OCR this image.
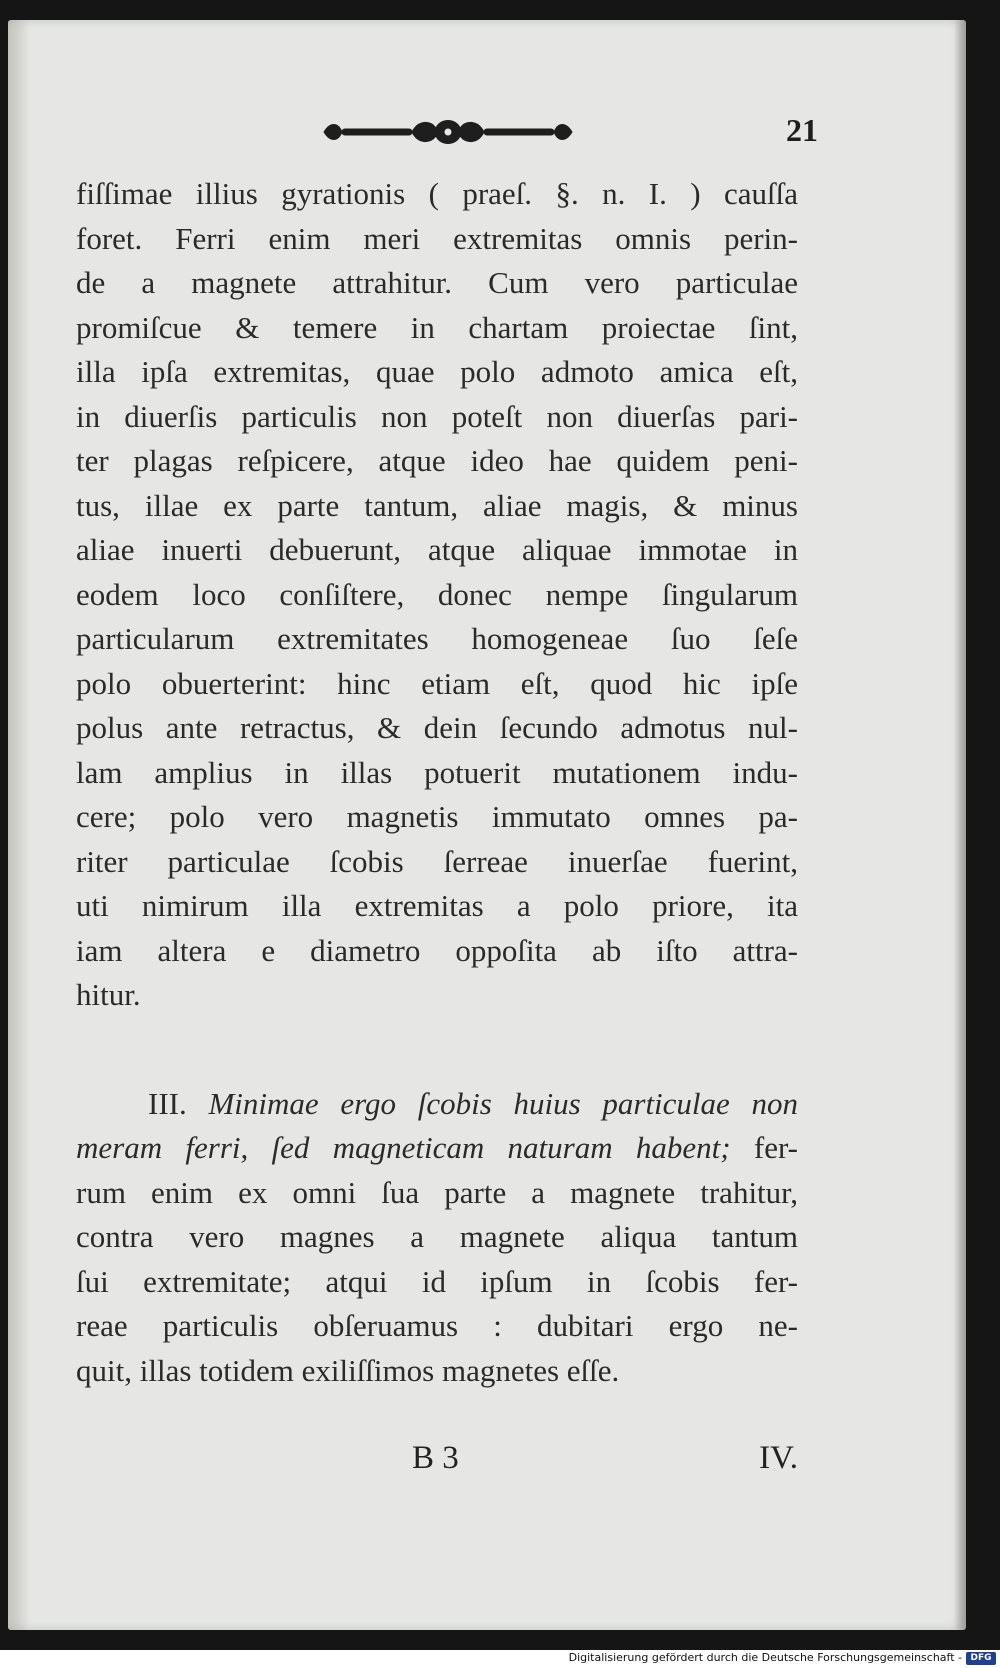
21
fiſſimae illius gyrationis ( praeſ. §. n. I. ) cauſſa
foret. Ferri enim meri extremitas omnis perin-
de a magnete attrahitur. Cum vero particulae
promiſcue & temere in chartam proiectae ſint,
illa ipſa extremitas, quae polo admoto amica eſt,
in diuerſis particulis non poteſt non diuerſas pari-
ter plagas reſpicere, atque ideo hae quidem peni-
tus, illae ex parte tantum, aliae magis, & minus
aliae inuerti debuerunt, atque aliquae immotae in
eodem loco conſiſtere, donec nempe ſingularum
particularum extremitates homogeneae ſuo ſeſe
polo obuerterint: hinc etiam eſt, quod hic ipſe
polus ante retractus, & dein ſecundo admotus nul-
lam amplius in illas potuerit mutationem indu-
cere; polo vero magnetis immutato omnes pa-
riter particulae ſcobis ſerreae inuerſae fuerint,
uti nimirum illa extremitas a polo priore, ita
iam altera e diametro oppoſita ab iſto attra-
hitur.
III. Minimae ergo ſcobis huius particulae non
meram ferri, ſed magneticam naturam habent; fer-
rum enim ex omni ſua parte a magnete trahitur,
contra vero magnes a magnete aliqua tantum
ſui extremitate; atqui id ipſum in ſcobis fer-
reae particulis obſeruamus : dubitari ergo ne-
quit, illas totidem exiliſſimos magnetes eſſe.
B 3	IV.
Digitalisierung gefördert durch die Deutsche Forschungsgemeinschaft - DFG
